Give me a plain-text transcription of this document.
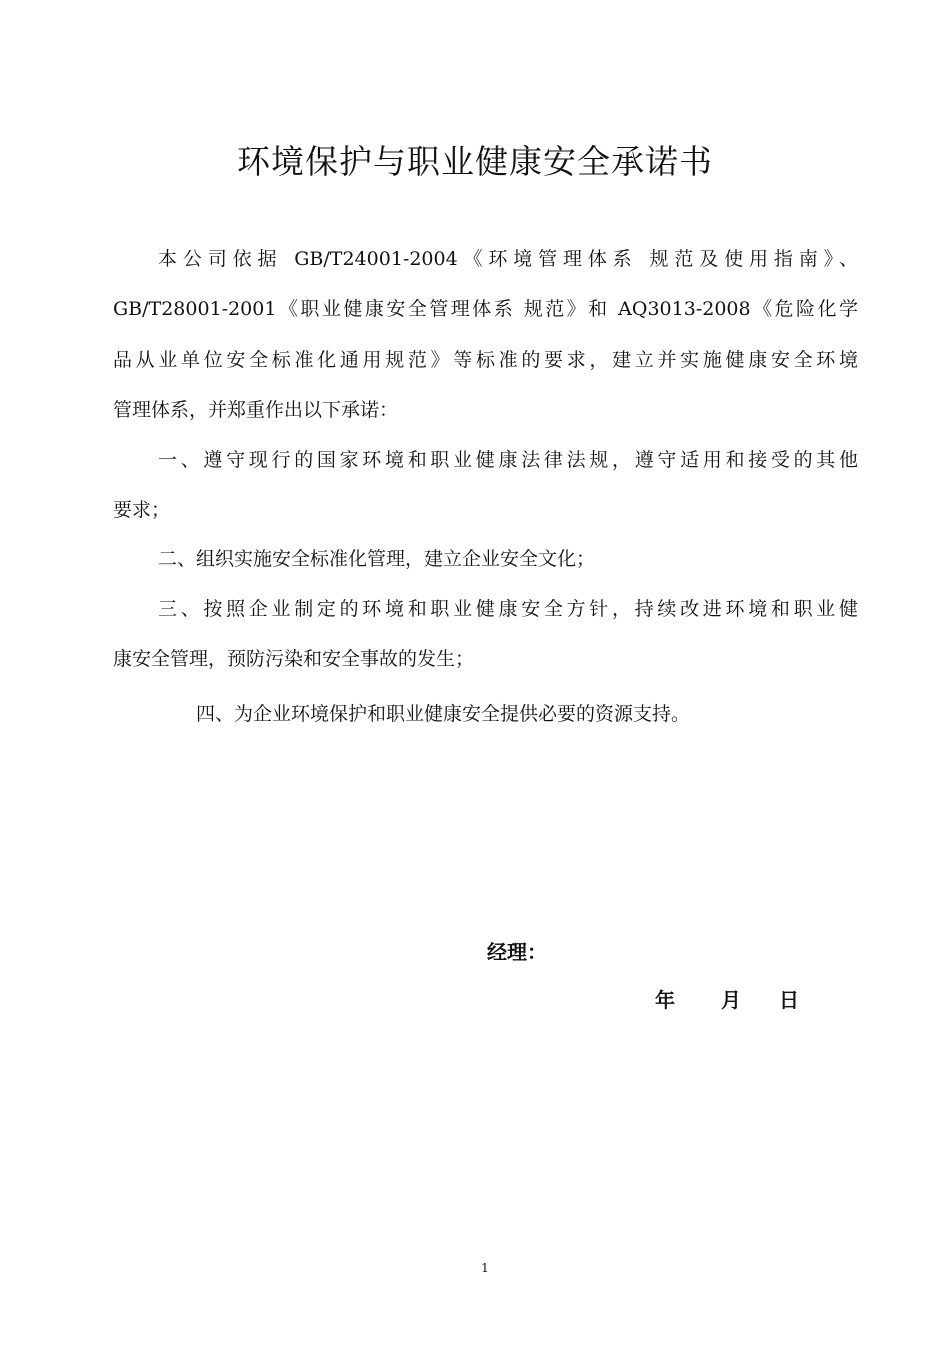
环境保护与职业健康安全承诺书
本公司依据 GB/T24001-2004《环境管理体系 规范及使用指南》、
GB/T28001-2001《职业健康安全管理体系 规范》和 AQ3013-2008《危险化学
品从业单位安全标准化通用规范》等标准的要求，建立并实施健康安全环境
管理体系，并郑重作出以下承诺：
一、遵守现行的国家环境和职业健康法律法规，遵守适用和接受的其他
要求；
二、组织实施安全标准化管理，建立企业安全文化；
三、按照企业制定的环境和职业健康安全方针，持续改进环境和职业健
康安全管理，预防污染和安全事故的发生；
四、为企业环境保护和职业健康安全提供必要的资源支持。
经理：
年 月 日
1
